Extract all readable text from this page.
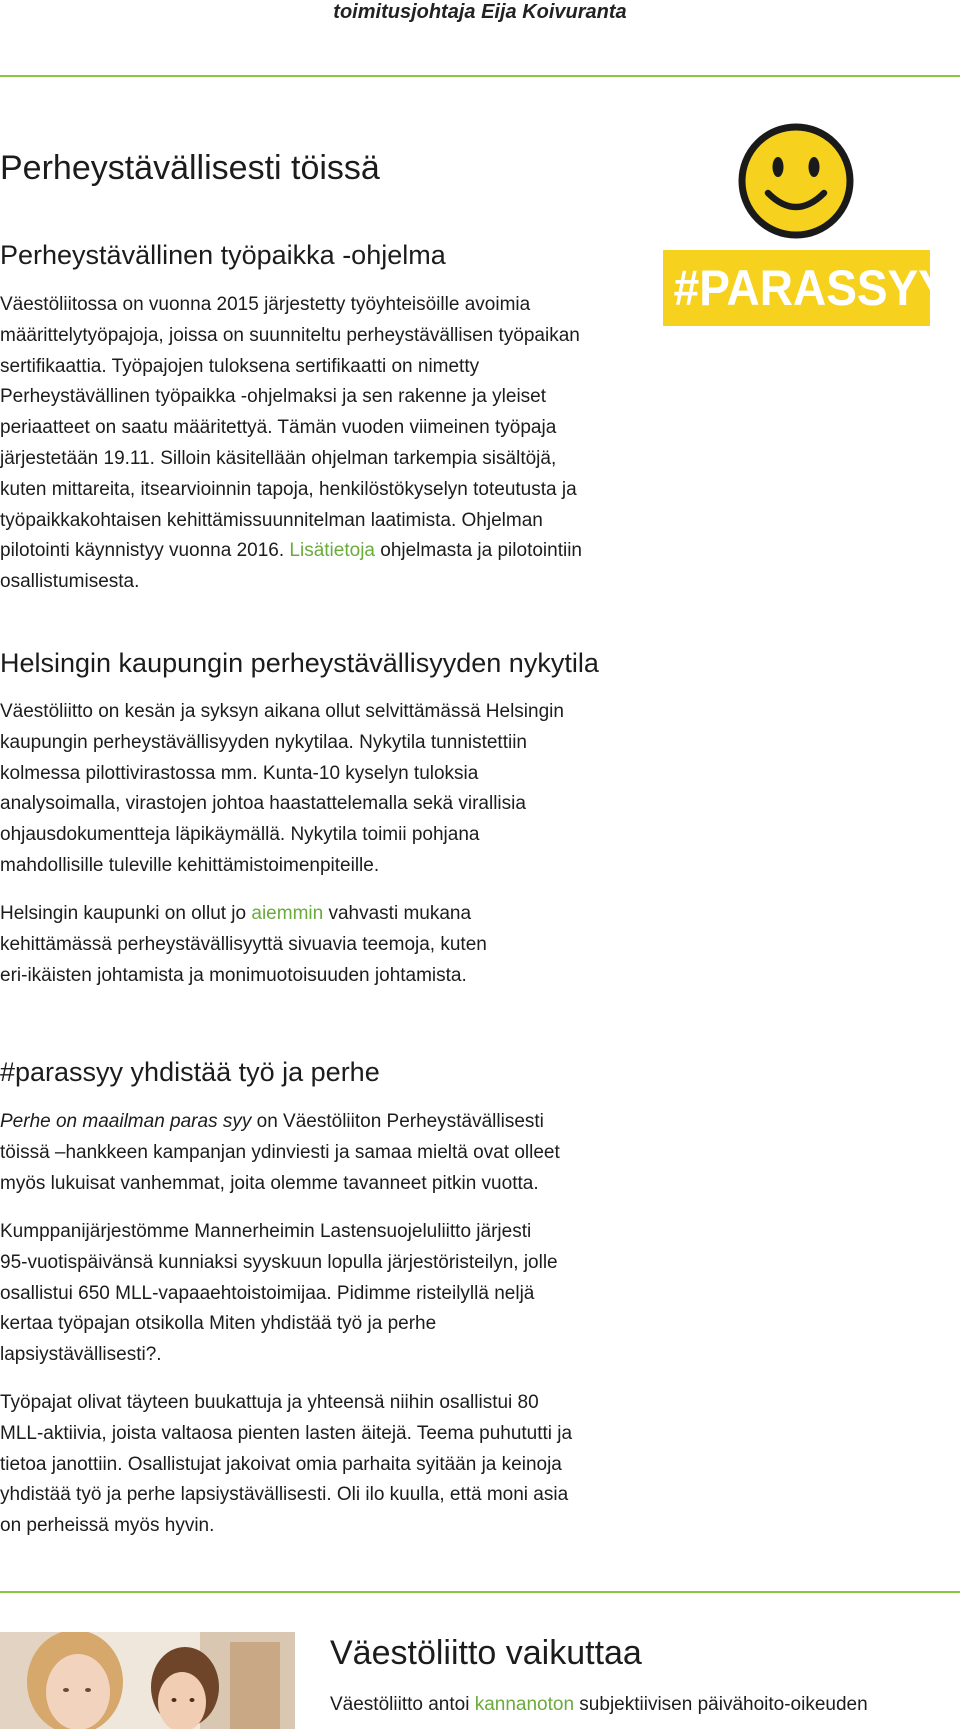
toimitusjohtaja Eija Koivuranta

Perheystävällisesti töissä
Perheystävällinen työpaikka -ohjelma
Väestöliitossa on vuonna 2015 järjestetty työyhteisöille avoimia
määrittelytyöpajoja, joissa on suunniteltu perheystävällisen työpaikan
sertifikaattia. Työpajojen tuloksena sertifikaatti on nimetty
Perheystävällinen työpaikka -ohjelmaksi ja sen rakenne ja yleiset
periaatteet on saatu määritettyä. Tämän vuoden viimeinen työpaja
järjestetään 19.11. Silloin käsitellään ohjelman tarkempia sisältöjä,
kuten mittareita, itsearvioinnin tapoja, henkilöstökyselyn toteutusta ja
työpaikkakohtaisen kehittämissuunnitelman laatimista. Ohjelman
pilotointi käynnistyy vuonna 2016. Lisätietoja ohjelmasta ja pilotointiin
osallistumisesta.
#PARASSYY
Helsingin kaupungin perheystävällisyyden nykytila
Väestöliitto on kesän ja syksyn aikana ollut selvittämässä Helsingin
kaupungin perheystävällisyyden nykytilaa. Nykytila tunnistettiin
kolmessa pilottivirastossa mm. Kunta-10 kyselyn tuloksia
analysoimalla, virastojen johtoa haastattelemalla sekä virallisia
ohjausdokumentteja läpikäymällä. Nykytila toimii pohjana
mahdollisille tuleville kehittämistoimenpiteille.
Helsingin kaupunki on ollut jo aiemmin vahvasti mukana
kehittämässä perheystävällisyyttä sivuavia teemoja, kuten
eri-ikäisten johtamista ja monimuotoisuuden johtamista.
#parassyy yhdistää työ ja perhe
Perhe on maailman paras syy on Väestöliiton Perheystävällisesti
töissä –hankkeen kampanjan ydinviesti ja samaa mieltä ovat olleet
myös lukuisat vanhemmat, joita olemme tavanneet pitkin vuotta.
Kumppanijärjestömme Mannerheimin Lastensuojeluliitto järjesti
95-vuotispäivänsä kunniaksi syyskuun lopulla järjestöristeilyn, jolle
osallistui 650 MLL-vapaaehtoistoimijaa. Pidimme risteilyllä neljä
kertaa työpajan otsikolla Miten yhdistää työ ja perhe
lapsiystävällisesti?.
Työpajat olivat täyteen buukattuja ja yhteensä niihin osallistui 80
MLL-aktiivia, joista valtaosa pienten lasten äitejä. Teema puhututti ja
tietoa janottiin. Osallistujat jakoivat omia parhaita syitään ja keinoja
yhdistää työ ja perhe lapsiystävällisesti. Oli ilo kuulla, että moni asia
on perheissä myös hyvin.
Väestöliitto vaikuttaa

Väestöliitto antoi kannanoton subjektiivisen päivähoito-oikeuden
